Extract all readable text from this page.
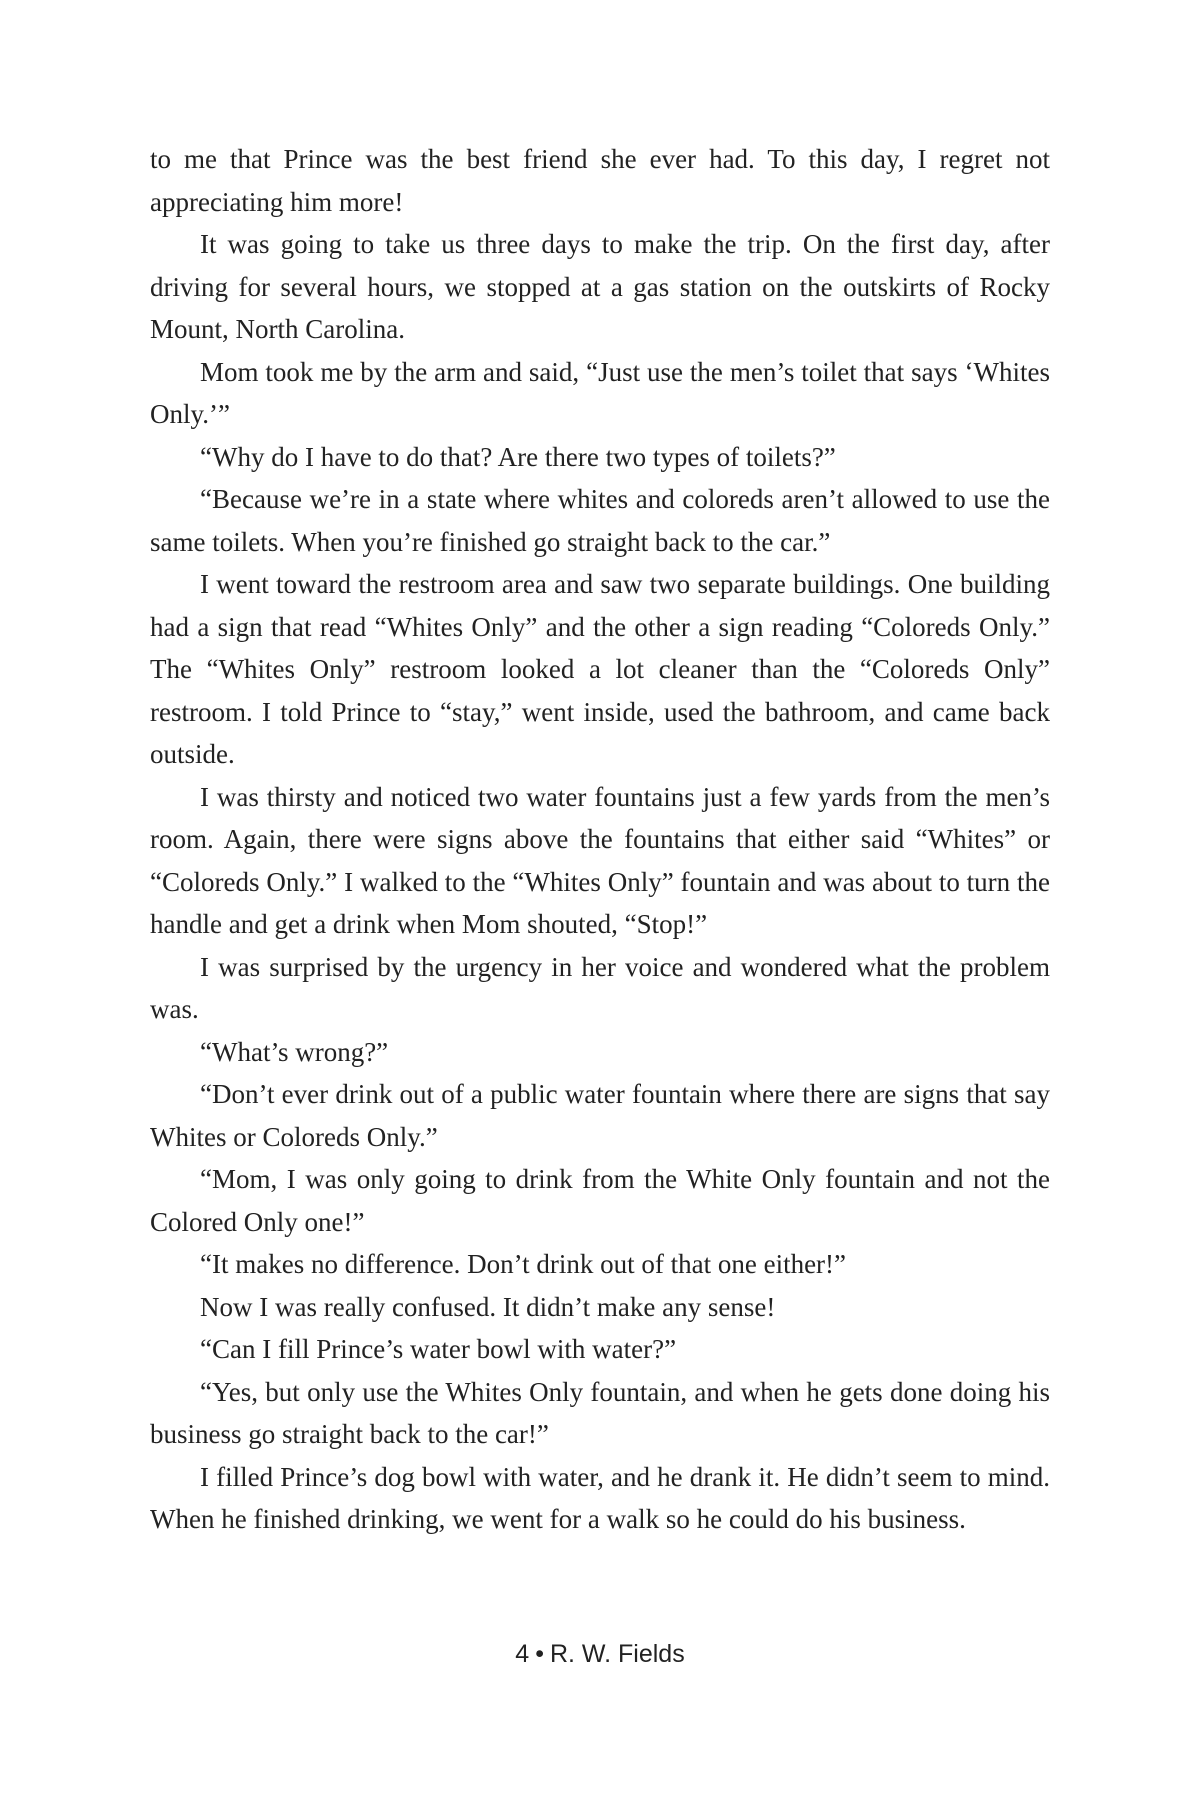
to me that Prince was the best friend she ever had. To this day, I regret not appreciating him more!

It was going to take us three days to make the trip. On the first day, after driving for several hours, we stopped at a gas station on the outskirts of Rocky Mount, North Carolina.

Mom took me by the arm and said, “Just use the men’s toilet that says ‘Whites Only.’”

“Why do I have to do that? Are there two types of toilets?”

“Because we’re in a state where whites and coloreds aren’t allowed to use the same toilets. When you’re finished go straight back to the car.”

I went toward the restroom area and saw two separate buildings. One building had a sign that read “Whites Only” and the other a sign reading “Coloreds Only.” The “Whites Only” restroom looked a lot cleaner than the “Coloreds Only” restroom. I told Prince to “stay,” went inside, used the bathroom, and came back outside.

I was thirsty and noticed two water fountains just a few yards from the men’s room. Again, there were signs above the fountains that either said “Whites” or “Coloreds Only.” I walked to the “Whites Only” fountain and was about to turn the handle and get a drink when Mom shouted, “Stop!”

I was surprised by the urgency in her voice and wondered what the problem was.

“What’s wrong?”

“Don’t ever drink out of a public water fountain where there are signs that say Whites or Coloreds Only.”

“Mom, I was only going to drink from the White Only fountain and not the Colored Only one!”

“It makes no difference. Don’t drink out of that one either!”

Now I was really confused. It didn’t make any sense!

“Can I fill Prince’s water bowl with water?”

“Yes, but only use the Whites Only fountain, and when he gets done doing his business go straight back to the car!”

I filled Prince’s dog bowl with water, and he drank it. He didn’t seem to mind. When he finished drinking, we went for a walk so he could do his business.

4 • R. W. Fields
